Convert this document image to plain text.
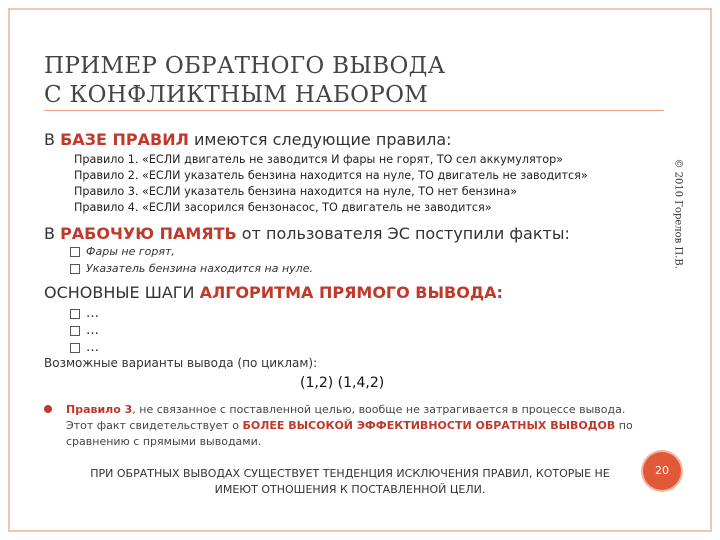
ПРИМЕР ОБРАТНОГО ВЫВОДА
С КОНФЛИКТНЫМ НАБОРОМ
В БАЗЕ ПРАВИЛ имеются следующие правила:
Правило 1. «ЕСЛИ двигатель не заводится И фары не горят, ТО сел аккумулятор»
Правило 2. «ЕСЛИ указатель бензина находится на нуле, ТО двигатель не заводится»
Правило 3. «ЕСЛИ указатель бензина находится на нуле, ТО нет бензина»
Правило 4. «ЕСЛИ засорился бензонасос, ТО двигатель не заводится»
В РАБОЧУЮ ПАМЯТЬ от пользователя ЭС поступили факты:
Фары не горят,
Указатель бензина находится на нуле.
ОСНОВНЫЕ ШАГИ АЛГОРИТМА ПРЯМОГО ВЫВОДА:
…
…
…
Возможные варианты вывода (по циклам):
(1,2) (1,4,2)
Правило 3, не связанное с поставленной целью, вообще не затрагивается в процессе вывода. Этот факт свидетельствует о БОЛЕЕ ВЫСОКОЙ ЭФФЕКТИВНОСТИ ОБРАТНЫХ ВЫВОДОВ по сравнению с прямыми выводами.
ПРИ ОБРАТНЫХ ВЫВОДАХ СУЩЕСТВУЕТ ТЕНДЕНЦИЯ ИСКЛЮЧЕНИЯ ПРАВИЛ, КОТОРЫЕ НЕ ИМЕЮТ ОТНОШЕНИЯ К ПОСТАВЛЕННОЙ ЦЕЛИ.
© 2010 Горелов П.В.
20
